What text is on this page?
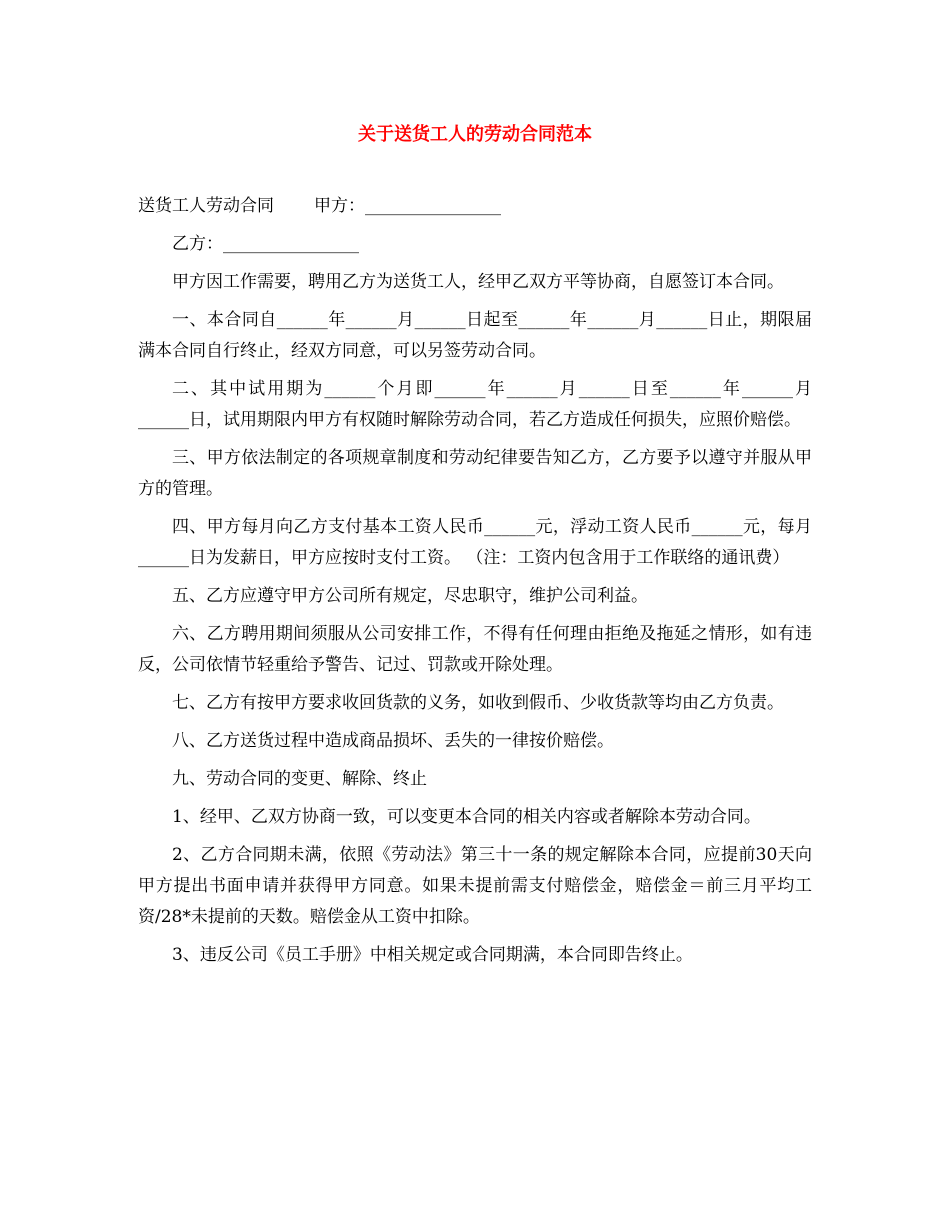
关于送货工人的劳动合同范本

送货工人劳动合同 甲方：________________

乙方：________________

甲方因工作需要，聘用乙方为送货工人，经甲乙双方平等协商，自愿签订本合同。

一、本合同自______年______月______日起至______年______月______日止，期限届满本合同自行终止，经双方同意，可以另签劳动合同。

二、其中试用期为______个月即______年______月______日至______年______月______日，试用期限内甲方有权随时解除劳动合同，若乙方造成任何损失，应照价赔偿。

三、甲方依法制定的各项规章制度和劳动纪律要告知乙方，乙方要予以遵守并服从甲方的管理。

四、甲方每月向乙方支付基本工资人民币______元，浮动工资人民币______元，每月______日为发薪日，甲方应按时支付工资。 （注：工资内包含用于工作联络的通讯费）

五、乙方应遵守甲方公司所有规定，尽忠职守，维护公司利益。

六、乙方聘用期间须服从公司安排工作，不得有任何理由拒绝及拖延之情形，如有违反，公司依情节轻重给予警告、记过、罚款或开除处理。

七、乙方有按甲方要求收回货款的义务，如收到假币、少收货款等均由乙方负责。

八、乙方送货过程中造成商品损坏、丢失的一律按价赔偿。

九、劳动合同的变更、解除、终止

1、经甲、乙双方协商一致，可以变更本合同的相关内容或者解除本劳动合同。

2、乙方合同期未满，依照《劳动法》第三十一条的规定解除本合同，应提前30天向甲方提出书面申请并获得甲方同意。如果未提前需支付赔偿金，赔偿金＝前三月平均工资/28*未提前的天数。赔偿金从工资中扣除。

3、违反公司《员工手册》中相关规定或合同期满，本合同即告终止。
